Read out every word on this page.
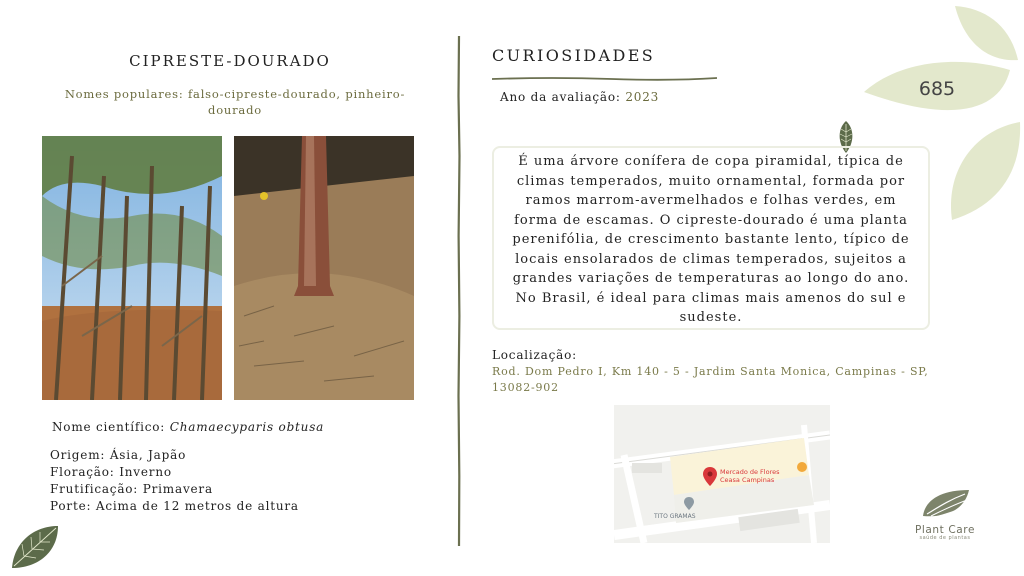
685
CIPRESTE-DOURADO
Nomes populares: falso-cipreste-dourado, pinheiro-dourado
Nome científico: Chamaecyparis obtusa
Origem: Ásia, Japão
Floração: Inverno
Frutificação: Primavera
Porte: Acima de 12 metros de altura
CURIOSIDADES
Ano da avaliação: 2023
É uma árvore conífera de copa piramidal, típica de climas temperados, muito ornamental, formada por ramos marrom-avermelhados e folhas verdes, em forma de escamas. O cipreste-dourado é uma planta perenifólia, de crescimento bastante lento, típico de locais ensolarados de climas temperados, sujeitos a grandes variações de temperaturas ao longo do ano. No Brasil, é ideal para climas mais amenos do sul e sudeste.
Localização:
Rod. Dom Pedro I, Km 140 - 5 - Jardim Santa Monica, Campinas - SP, 13082-902
Mercado de Flores
Ceasa Campinas
TITO GRAMAS
Plant Care
saúde de plantas
